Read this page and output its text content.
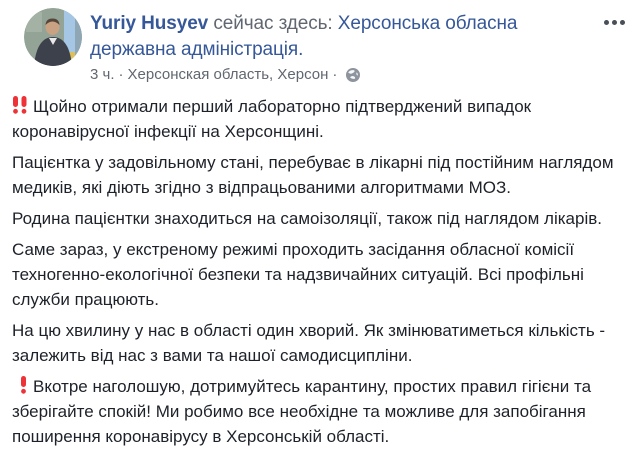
Yuriy Husyev сейчас здесь: Херсонська обласна державна адміністрація.
3 ч. · Херсонская область, Херсон ·

Щойно отримали перший лабораторно підтверджений випадок коронавірусної інфекції на Херсонщині.

Пацієнтка у задовільному стані, перебуває в лікарні під постійним наглядом медиків, які діють згідно з відпрацьованими алгоритмами МОЗ.

Родина пацієнтки знаходиться на самоізоляції, також під наглядом лікарів.

Саме зараз, у екстреному режимі проходить засідання обласної комісії техногенно-екологічної безпеки та надзвичайних ситуацій. Всі профільні служби працюють.

На цю хвилину у нас в області один хворий. Як змінюватиметься кількість - залежить від нас з вами та нашої самодисципліни.

Вкотре наголошую, дотримуйтесь карантину, простих правил гігієни та зберігайте спокій! Ми робимо все необхідне та можливе для запобігання поширення коронавірусу в Херсонській області.
